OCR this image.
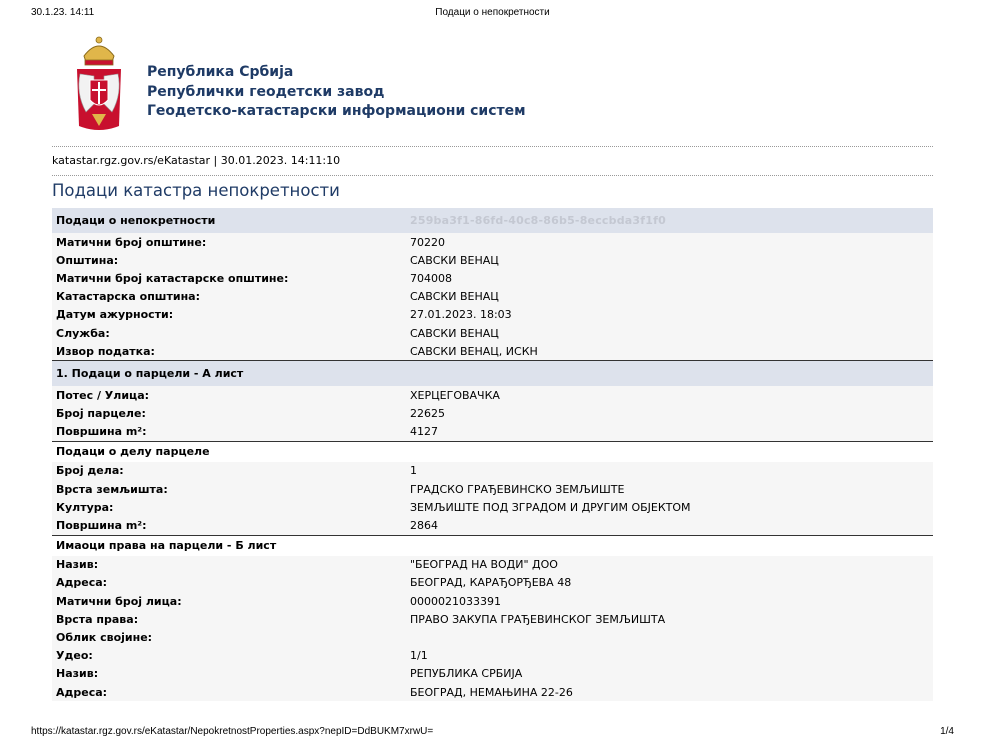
30.1.23. 14:11	Подаци о непокретности
Република Србија
Републички геодетски завод
Геодетско-катастарски информациони систем
katastar.rgz.gov.rs/eKatastar | 30.01.2023. 14:11:10
Подаци катастра непокретности
Подаци о непокретности	259ba3f1-86fd-40c8-86b5-8eccbda3f1f0
Матични број општине:	70220
Општина:	САВСКИ ВЕНАЦ
Матични број катастарске општине:	704008
Катастарска општина:	САВСКИ ВЕНАЦ
Датум ажурности:	27.01.2023. 18:03
Служба:	САВСКИ ВЕНАЦ
Извор податка:	САВСКИ ВЕНАЦ, ИСКН
1. Подаци о парцели - А лист
Потес / Улица:	ХЕРЦЕГОВАЧКА
Број парцеле:	22625
Површина m²:	4127
Подаци о делу парцеле
Број дела:	1
Врста земљишта:	ГРАДСКО ГРАЂЕВИНСКО ЗЕМЉИШТЕ
Култура:	ЗЕМЉИШТЕ ПОД ЗГРАДОМ И ДРУГИМ ОБЈЕКТОМ
Површина m²:	2864
Имаоци права на парцели - Б лист
Назив:	"БЕОГРАД НА ВОДИ" ДОО
Адреса:	БЕОГРАД, КАРАЂОРЂЕВА 48
Матични број лица:	0000021033391
Врста права:	ПРАВО ЗАКУПА ГРАЂЕВИНСКОГ ЗЕМЉИШТА
Облик својине:
Удео:	1/1
Назив:	РЕПУБЛИКА СРБИЈА
Адреса:	БЕОГРАД, НЕМАЊИНА 22-26
https://katastar.rgz.gov.rs/eKatastar/NepokretnostProperties.aspx?nepID=DdBUKM7xrwU=	1/4
